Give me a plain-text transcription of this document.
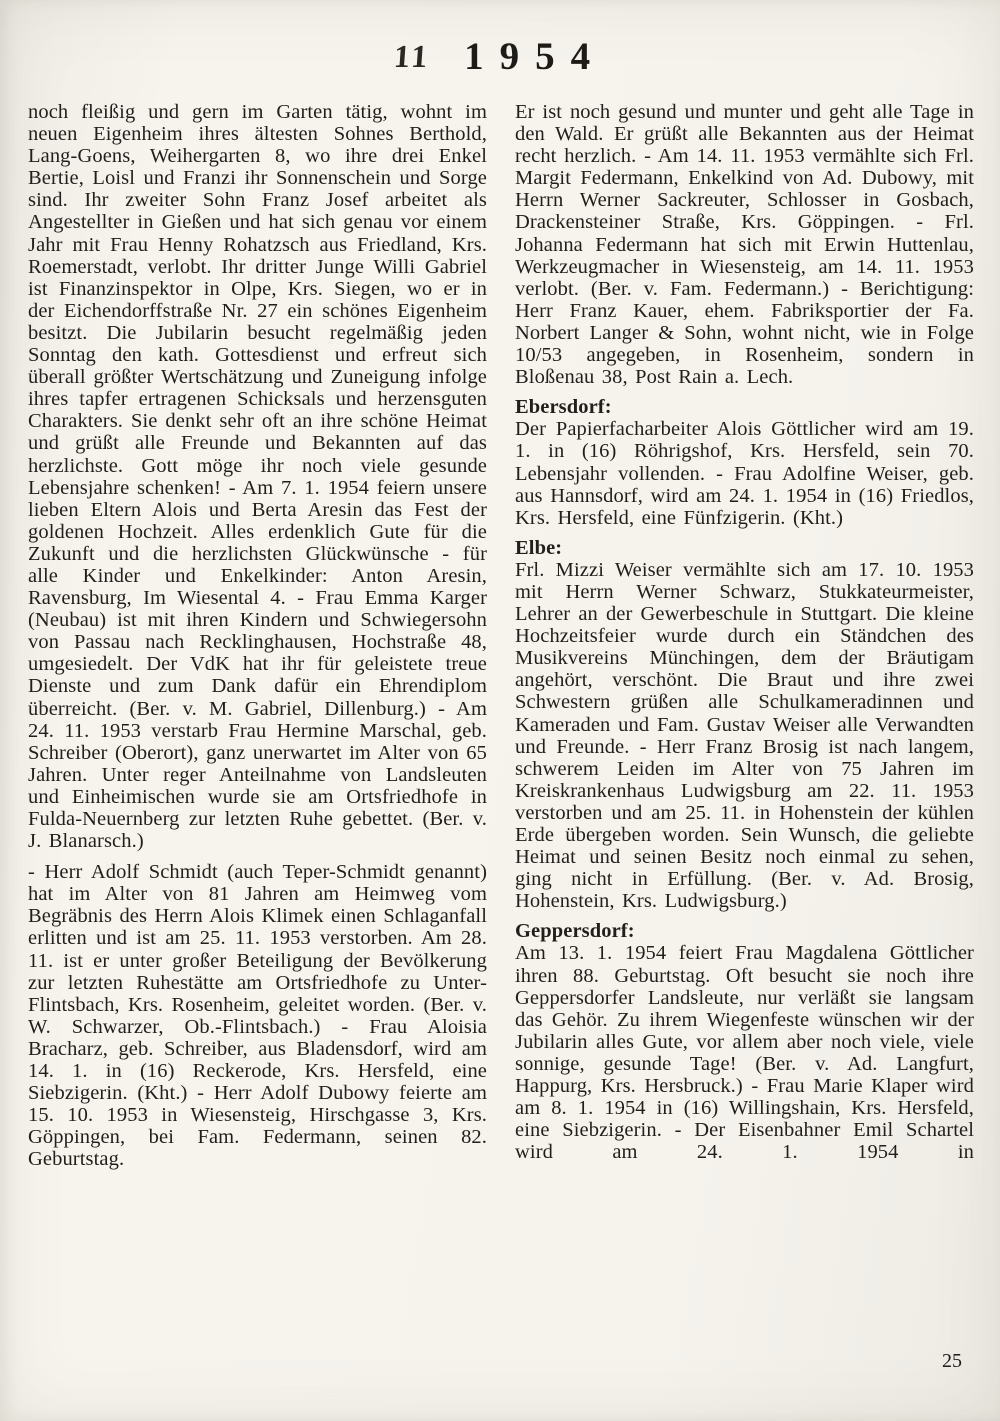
11 1954

noch fleißig und gern im Garten tätig, wohnt im neuen Eigenheim ihres ältesten Sohnes Berthold, Lang-Goens, Weihergarten 8, wo ihre drei Enkel Bertie, Loisl und Franzi ihr Sonnenschein und Sorge sind. Ihr zweiter Sohn Franz Josef arbeitet als Angestellter in Gießen und hat sich genau vor einem Jahr mit Frau Henny Rohatzsch aus Friedland, Krs. Roemerstadt, verlobt. Ihr dritter Junge Willi Gabriel ist Finanzinspektor in Olpe, Krs. Siegen, wo er in der Eichendorffstraße Nr. 27 ein schönes Eigenheim besitzt. Die Jubilarin besucht regelmäßig jeden Sonntag den kath. Gottesdienst und erfreut sich überall größter Wertschätzung und Zuneigung infolge ihres tapfer ertragenen Schicksals und herzensguten Charakters. Sie denkt sehr oft an ihre schöne Heimat und grüßt alle Freunde und Bekannten auf das herzlichste. Gott möge ihr noch viele gesunde Lebensjahre schenken! - Am 7. 1. 1954 feiern unsere lieben Eltern Alois und Berta Aresin das Fest der goldenen Hochzeit. Alles erdenklich Gute für die Zukunft und die herzlichsten Glückwünsche - für alle Kinder und Enkelkinder: Anton Aresin, Ravensburg, Im Wiesental 4. - Frau Emma Karger (Neubau) ist mit ihren Kindern und Schwiegersohn von Passau nach Recklinghausen, Hochstraße 48, umgesiedelt. Der VdK hat ihr für geleistete treue Dienste und zum Dank dafür ein Ehrendiplom überreicht. (Ber. v. M. Gabriel, Dillenburg.) - Am 24. 11. 1953 verstarb Frau Hermine Marschal, geb. Schreiber (Oberort), ganz unerwartet im Alter von 65 Jahren. Unter reger Anteilnahme von Landsleuten und Einheimischen wurde sie am Ortsfriedhofe in Fulda-Neuernberg zur letzten Ruhe gebettet. (Ber. v. J. Blanarsch.)

- Herr Adolf Schmidt (auch Teper-Schmidt genannt) hat im Alter von 81 Jahren am Heimweg vom Begräbnis des Herrn Alois Klimek einen Schlaganfall erlitten und ist am 25. 11. 1953 verstorben. Am 28. 11. ist er unter großer Beteiligung der Bevölkerung zur letzten Ruhestätte am Ortsfriedhofe zu Unter-Flintsbach, Krs. Rosenheim, geleitet worden. (Ber. v. W. Schwarzer, Ob.-Flintsbach.) - Frau Aloisia Bracharz, geb. Schreiber, aus Bladensdorf, wird am 14. 1. in (16) Reckerode, Krs. Hersfeld, eine Siebzigerin. (Kht.) - Herr Adolf Dubowy feierte am 15. 10. 1953 in Wiesensteig, Hirschgasse 3, Krs. Göppingen, bei Fam. Federmann, seinen 82. Geburtstag.

Er ist noch gesund und munter und geht alle Tage in den Wald. Er grüßt alle Bekannten aus der Heimat recht herzlich. - Am 14. 11. 1953 vermählte sich Frl. Margit Federmann, Enkelkind von Ad. Dubowy, mit Herrn Werner Sackreuter, Schlosser in Gosbach, Drackensteiner Straße, Krs. Göppingen. - Frl. Johanna Federmann hat sich mit Erwin Huttenlau, Werkzeugmacher in Wiesensteig, am 14. 11. 1953 verlobt. (Ber. v. Fam. Federmann.) - Berichtigung: Herr Franz Kauer, ehem. Fabriksportier der Fa. Norbert Langer & Sohn, wohnt nicht, wie in Folge 10/53 angegeben, in Rosenheim, sondern in Bloßenau 38, Post Rain a. Lech.

Ebersdorf:

Der Papierfacharbeiter Alois Göttlicher wird am 19. 1. in (16) Röhrigshof, Krs. Hersfeld, sein 70. Lebensjahr vollenden. - Frau Adolfine Weiser, geb. aus Hannsdorf, wird am 24. 1. 1954 in (16) Friedlos, Krs. Hersfeld, eine Fünfzigerin. (Kht.)

Elbe:

Frl. Mizzi Weiser vermählte sich am 17. 10. 1953 mit Herrn Werner Schwarz, Stukkateurmeister, Lehrer an der Gewerbeschule in Stuttgart. Die kleine Hochzeitsfeier wurde durch ein Ständchen des Musikvereins Münchingen, dem der Bräutigam angehört, verschönt. Die Braut und ihre zwei Schwestern grüßen alle Schulkameradinnen und Kameraden und Fam. Gustav Weiser alle Verwandten und Freunde. - Herr Franz Brosig ist nach langem, schwerem Leiden im Alter von 75 Jahren im Kreiskrankenhaus Ludwigsburg am 22. 11. 1953 verstorben und am 25. 11. in Hohenstein der kühlen Erde übergeben worden. Sein Wunsch, die geliebte Heimat und seinen Besitz noch einmal zu sehen, ging nicht in Erfüllung. (Ber. v. Ad. Brosig, Hohenstein, Krs. Ludwigsburg.)

Geppersdorf:

Am 13. 1. 1954 feiert Frau Magdalena Göttlicher ihren 88. Geburtstag. Oft besucht sie noch ihre Geppersdorfer Landsleute, nur verläßt sie langsam das Gehör. Zu ihrem Wiegenfeste wünschen wir der Jubilarin alles Gute, vor allem aber noch viele, viele sonnige, gesunde Tage! (Ber. v. Ad. Langfurt, Happurg, Krs. Hersbruck.) - Frau Marie Klaper wird am 8. 1. 1954 in (16) Willingshain, Krs. Hersfeld, eine Siebzigerin. - Der Eisenbahner Emil Schartel wird am 24. 1. 1954 in

25
